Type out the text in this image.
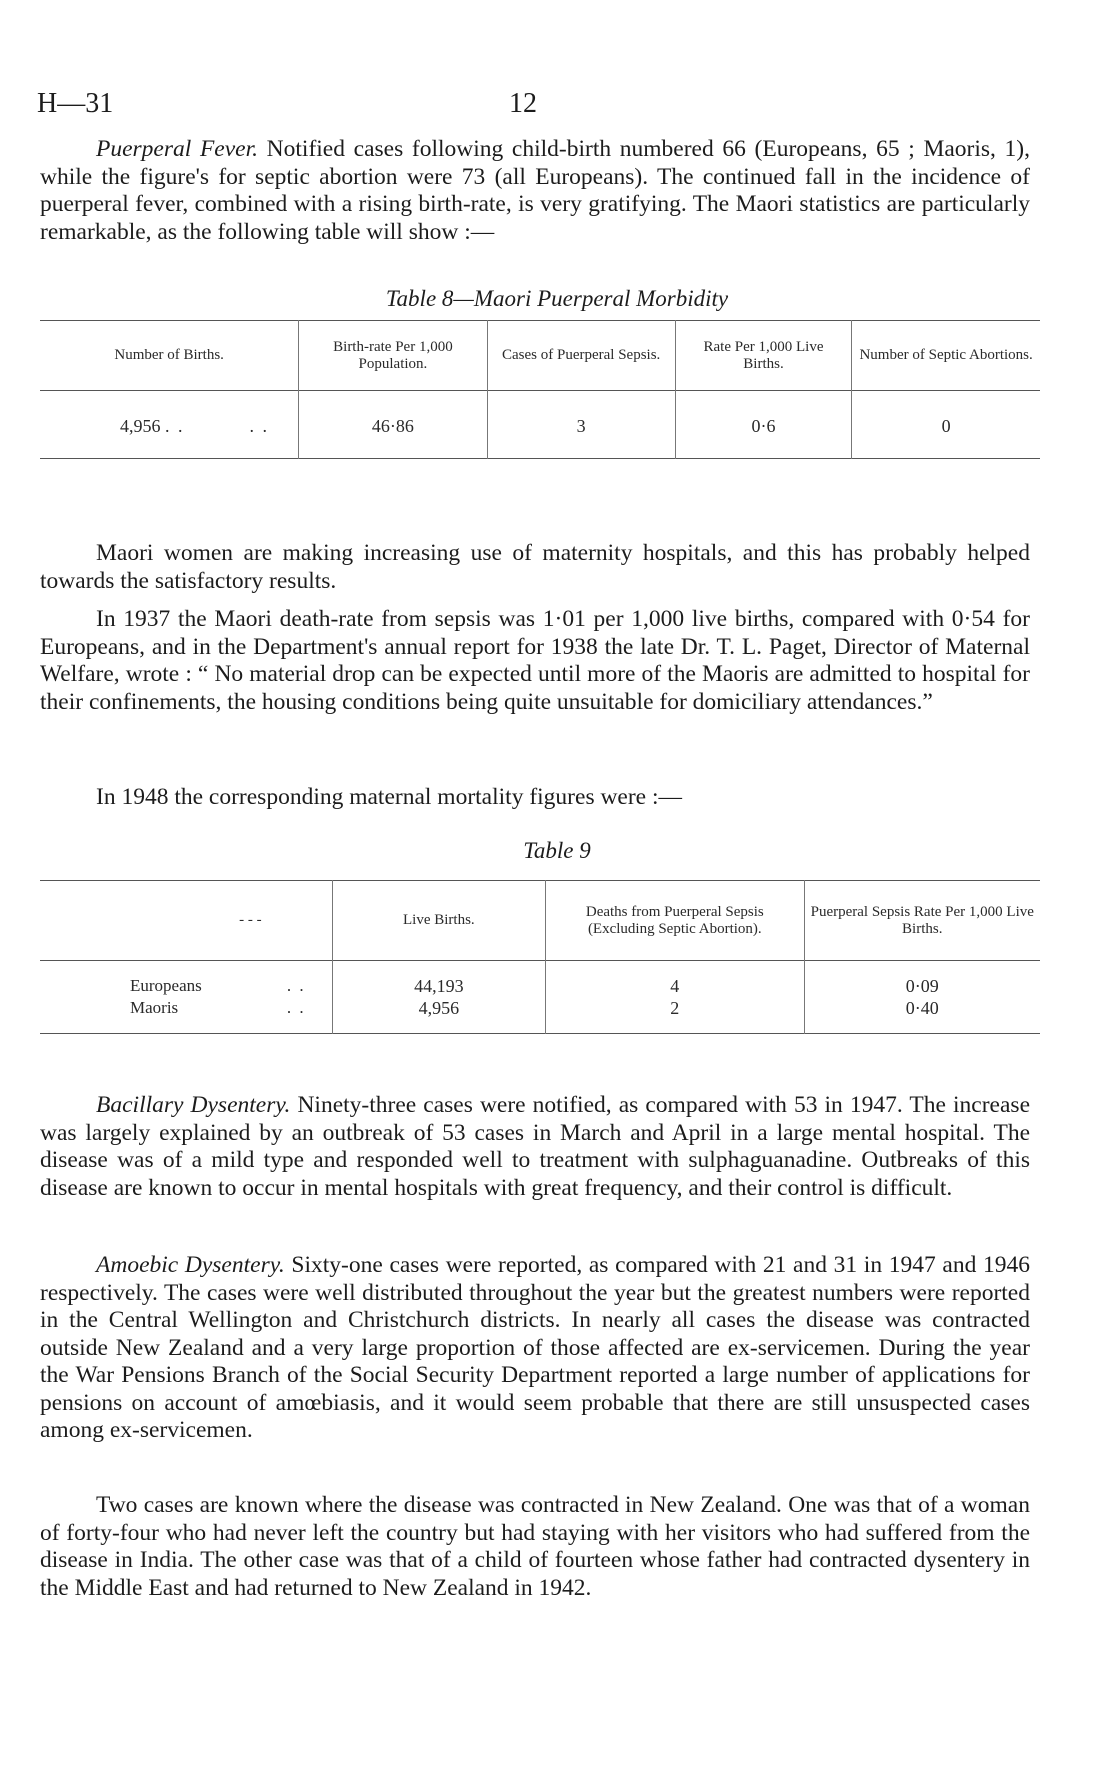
H—31	12

Puerperal Fever. Notified cases following child-birth numbered 66 (Europeans, 65 ; Maoris, 1), while the figure's for septic abortion were 73 (all Europeans). The continued fall in the incidence of puerperal fever, combined with a rising birth-rate, is very gratifying. The Maori statistics are particularly remarkable, as the following table will show :—

Table 8—Maori Puerperal Morbidity
Number of Births.	Birth-rate Per 1,000 Population.	Cases of Puerperal Sepsis.	Rate Per 1,000 Live Births.	Number of Septic Abortions.
4,956 . .          . .	46·86	3	0·6	0

Maori women are making increasing use of maternity hospitals, and this has probably helped towards the satisfactory results.

In 1937 the Maori death-rate from sepsis was 1·01 per 1,000 live births, compared with 0·54 for Europeans, and in the Department's annual report for 1938 the late Dr. T. L. Paget, Director of Maternal Welfare, wrote : “ No material drop can be expected until more of the Maoris are admitted to hospital for their confinements, the housing conditions being quite unsuitable for domiciliary attendances.”

In 1948 the corresponding maternal mortality figures were :—

Table 9
- - -	Live Births.	Deaths from Puerperal Sepsis (Excluding Septic Abortion).	Puerperal Sepsis Rate Per 1,000 Live Births.
Europeans . .	44,193	4	0·09
Maoris . .	4,956	2	0·40

Bacillary Dysentery. Ninety-three cases were notified, as compared with 53 in 1947. The increase was largely explained by an outbreak of 53 cases in March and April in a large mental hospital. The disease was of a mild type and responded well to treatment with sulphaguanadine. Outbreaks of this disease are known to occur in mental hospitals with great frequency, and their control is difficult.

Amoebic Dysentery. Sixty-one cases were reported, as compared with 21 and 31 in 1947 and 1946 respectively. The cases were well distributed throughout the year but the greatest numbers were reported in the Central Wellington and Christchurch districts. In nearly all cases the disease was contracted outside New Zealand and a very large proportion of those affected are ex-servicemen. During the year the War Pensions Branch of the Social Security Department reported a large number of applications for pensions on account of amœbiasis, and it would seem probable that there are still unsuspected cases among ex-servicemen.

Two cases are known where the disease was contracted in New Zealand. One was that of a woman of forty-four who had never left the country but had staying with her visitors who had suffered from the disease in India. The other case was that of a child of fourteen whose father had contracted dysentery in the Middle East and had returned to New Zealand in 1942.
